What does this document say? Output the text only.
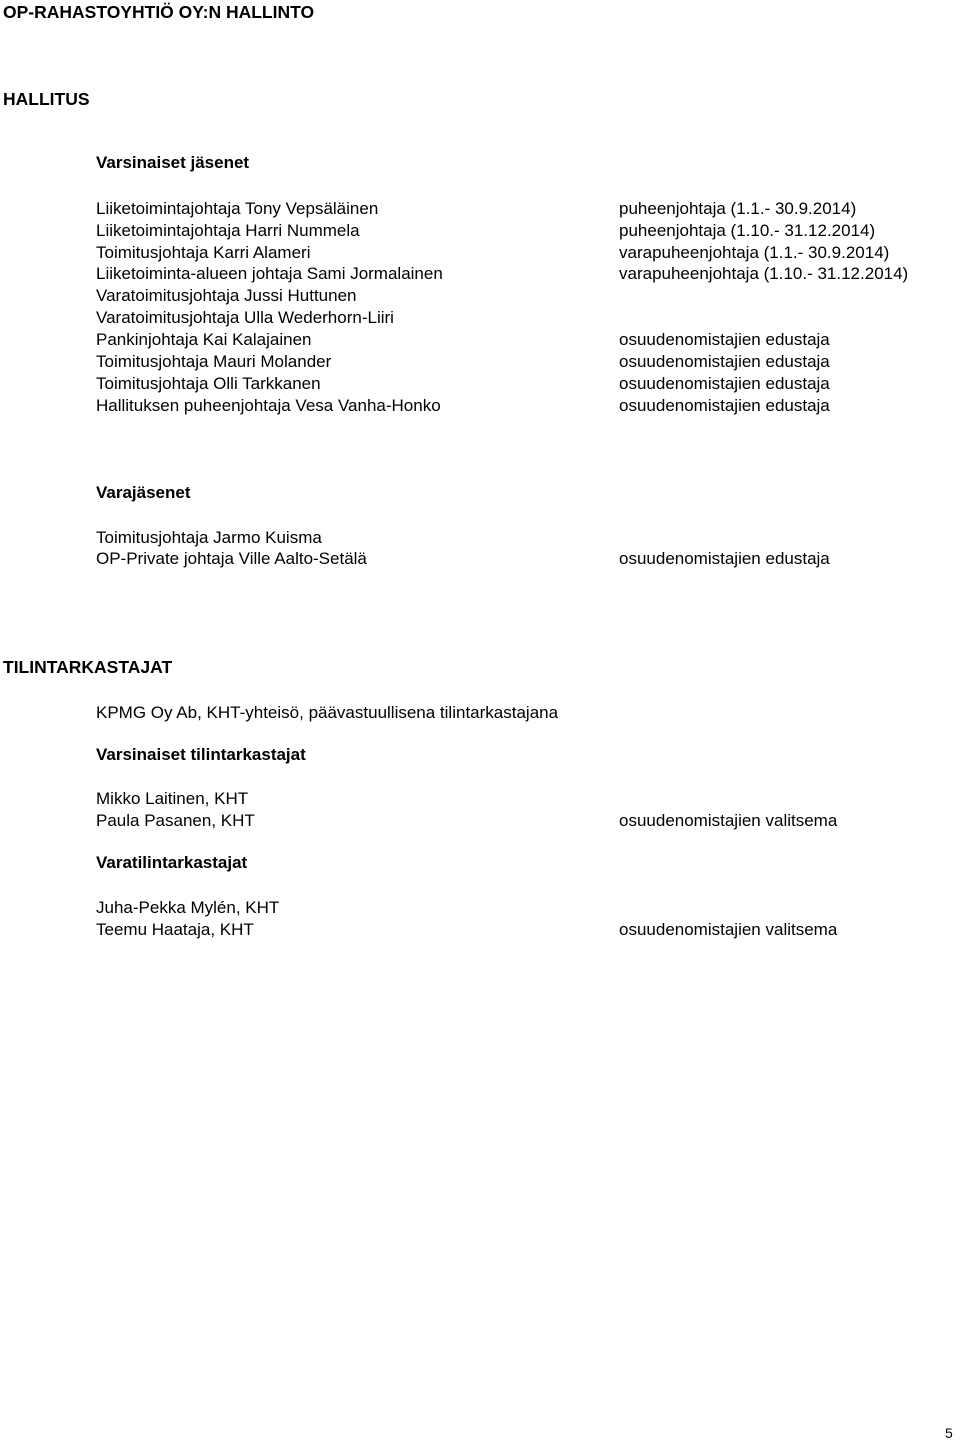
OP-RAHASTOYHTIÖ OY:N HALLINTO
HALLITUS
Varsinaiset jäsenet
Liiketoimintajohtaja Tony Vepsäläinen	puheenjohtaja (1.1.- 30.9.2014)
Liiketoimintajohtaja Harri Nummela	puheenjohtaja (1.10.- 31.12.2014)
Toimitusjohtaja Karri Alameri	varapuheenjohtaja (1.1.- 30.9.2014)
Liiketoiminta-alueen johtaja Sami Jormalainen	varapuheenjohtaja (1.10.- 31.12.2014)
Varatoimitusjohtaja Jussi Huttunen
Varatoimitusjohtaja Ulla Wederhorn-Liiri
Pankinjohtaja Kai Kalajainen	osuudenomistajien edustaja
Toimitusjohtaja Mauri Molander	osuudenomistajien edustaja
Toimitusjohtaja Olli Tarkkanen	osuudenomistajien edustaja
Hallituksen puheenjohtaja Vesa Vanha-Honko	osuudenomistajien edustaja
Varajäsenet
Toimitusjohtaja Jarmo Kuisma
OP-Private johtaja Ville Aalto-Setälä	osuudenomistajien edustaja
TILINTARKASTAJAT
KPMG Oy Ab, KHT-yhteisö, päävastuullisena tilintarkastajana
Varsinaiset tilintarkastajat
Mikko Laitinen, KHT
Paula Pasanen, KHT	osuudenomistajien valitsema
Varatilintarkastajat
Juha-Pekka Mylén, KHT
Teemu Haataja, KHT	osuudenomistajien valitsema
5
